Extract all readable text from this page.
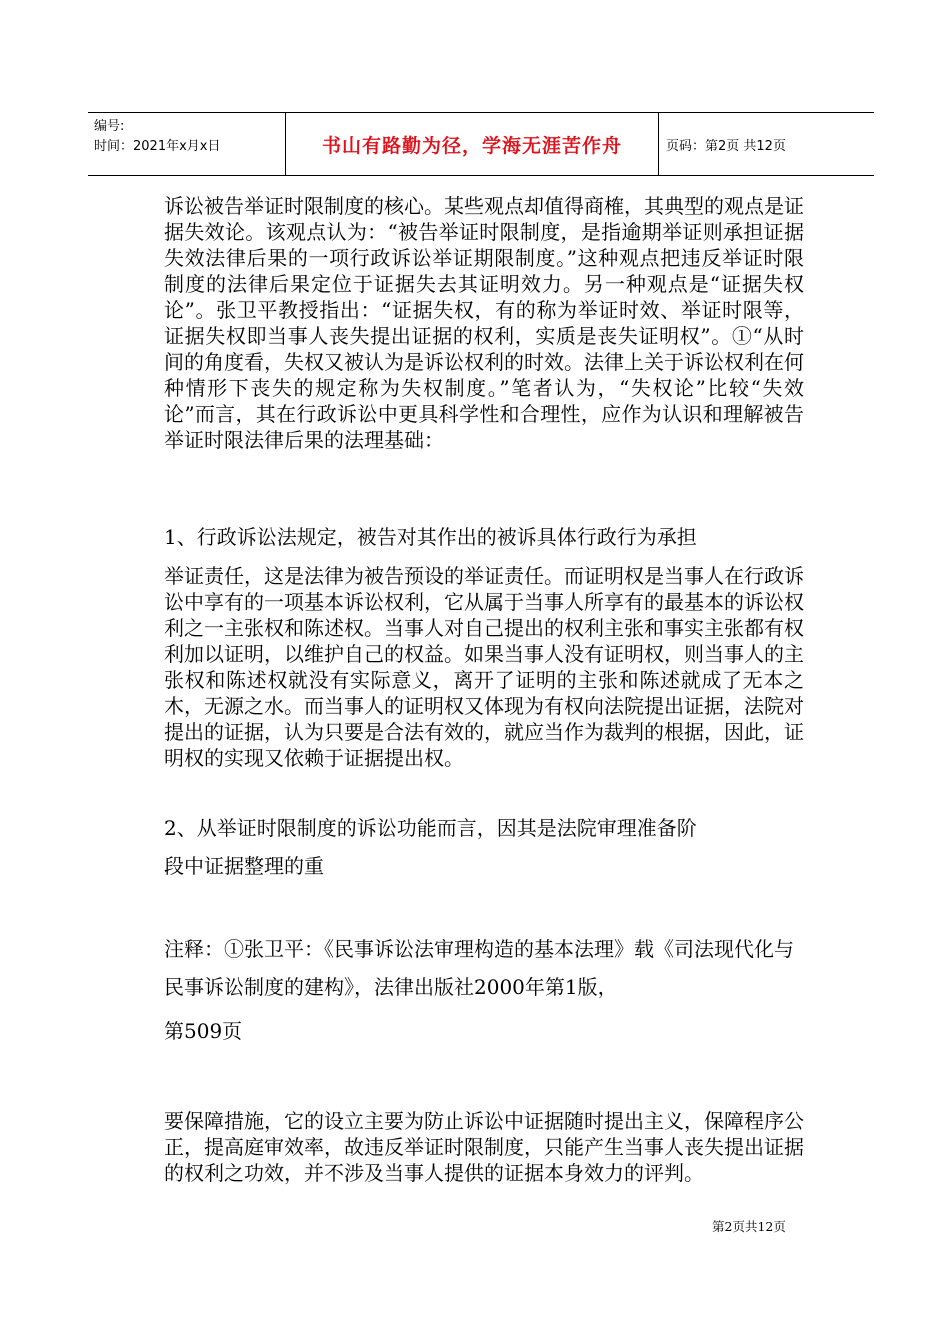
编号:
时间：2021年x月x日	书山有路勤为径，学海无涯苦作舟	页码：第2页 共12页
诉讼被告举证时限制度的核心。某些观点却值得商榷，其典型的观点是证据失效论。该观点认为：“被告举证时限制度，是指逾期举证则承担证据失效法律后果的一项行政诉讼举证期限制度。”这种观点把违反举证时限制度的法律后果定位于证据失去其证明效力。另一种观点是“证据失权论”。张卫平教授指出：“证据失权，有的称为举证时效、举证时限等，证据失权即当事人丧失提出证据的权利，实质是丧失证明权”。①“从时间的角度看，失权又被认为是诉讼权利的时效。法律上关于诉讼权利在何种情形下丧失的规定称为失权制度。”笔者认为，“失权论”比较“失效论”而言，其在行政诉讼中更具科学性和合理性，应作为认识和理解被告举证时限法律后果的法理基础：
1、行政诉讼法规定，被告对其作出的被诉具体行政行为承担
举证责任，这是法律为被告预设的举证责任。而证明权是当事人在行政诉讼中享有的一项基本诉讼权利，它从属于当事人所享有的最基本的诉讼权利之一主张权和陈述权。当事人对自己提出的权利主张和事实主张都有权利加以证明，以维护自己的权益。如果当事人没有证明权，则当事人的主张权和陈述权就没有实际意义，离开了证明的主张和陈述就成了无本之木，无源之水。而当事人的证明权又体现为有权向法院提出证据，法院对提出的证据，认为只要是合法有效的，就应当作为裁判的根据，因此，证明权的实现又依赖于证据提出权。
2、从举证时限制度的诉讼功能而言，因其是法院审理准备阶
段中证据整理的重
注释：①张卫平：《民事诉讼法审理构造的基本法理》载《司法现代化与民事诉讼制度的建构》，法律出版社2000年第1版，
第509页
要保障措施，它的设立主要为防止诉讼中证据随时提出主义，保障程序公正，提高庭审效率，故违反举证时限制度，只能产生当事人丧失提出证据的权利之功效，并不涉及当事人提供的证据本身效力的评判。
第2页共12页
